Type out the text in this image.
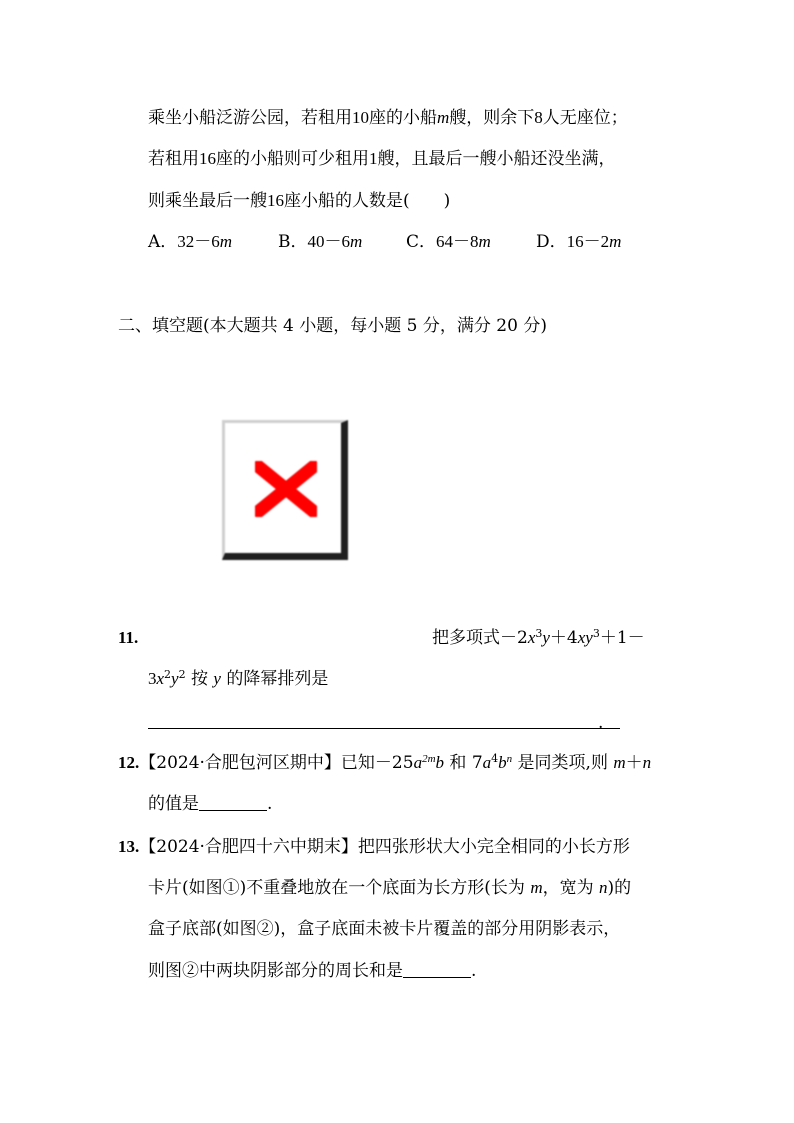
乘坐小船泛游公园，若租用10座的小船m艘，则余下8人无座位；
若租用16座的小船则可少租用1艘，且最后一艘小船还没坐满，
则乘坐最后一艘16座小船的人数是(　　)
A．32－6m	B．40－6m	C．64－8m	D．16－2m
二、填空题(本大题共 4 小题，每小题 5 分，满分 20 分)
11.	把多项式$-2x^3y+4xy^3+1-$
$3x^2y^2$ 按 y 的降幂排列是
.
12.【2024·合肥包河区期中】已知$-25a^{2m}b$ 和 $7a^4b^n$ 是同类项,则 m＋n
的值是	.
13.【2024·合肥四十六中期末】把四张形状大小完全相同的小长方形
卡片(如图①)不重叠地放在一个底面为长方形(长为 m，宽为 n)的
盒子底部(如图②)，盒子底面未被卡片覆盖的部分用阴影表示，
则图②中两块阴影部分的周长和是	.
